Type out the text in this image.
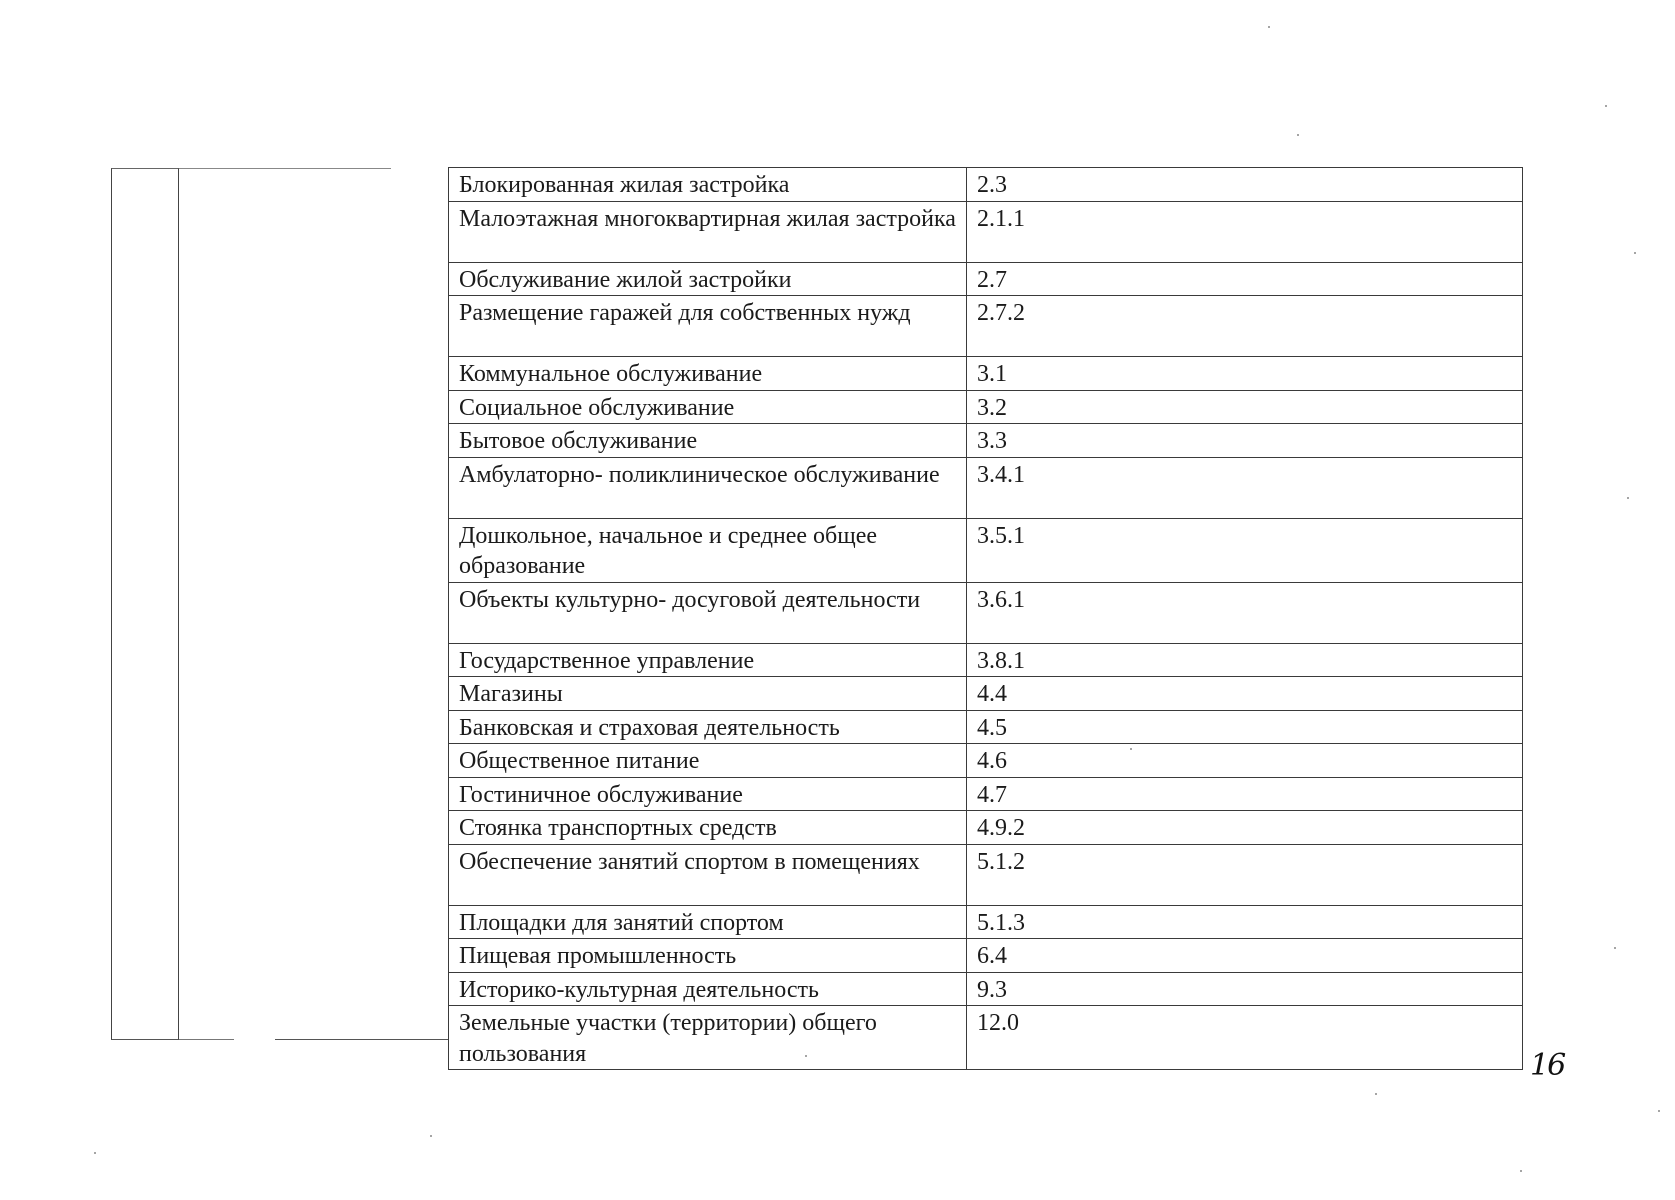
Блокированная жилая застройка	2.3
Малоэтажная многоквартирная жилая застройка	2.1.1
Обслуживание жилой застройки	2.7
Размещение гаражей для собственных нужд	2.7.2
Коммунальное обслуживание	3.1
Социальное обслуживание	3.2
Бытовое обслуживание	3.3
Амбулаторно- поликлиническое обслуживание	3.4.1
Дошкольное, начальное и среднее общее образование	3.5.1
Объекты культурно- досуговой деятельности	3.6.1
Государственное управление	3.8.1
Магазины	4.4
Банковская и страховая деятельность	4.5
Общественное питание	4.6
Гостиничное обслуживание	4.7
Стоянка транспортных средств	4.9.2
Обеспечение занятий спортом в помещениях	5.1.2
Площадки для занятий спортом	5.1.3
Пищевая промышленность	6.4
Историко-культурная деятельность	9.3
Земельные участки (территории) общего пользования	12.0
16
